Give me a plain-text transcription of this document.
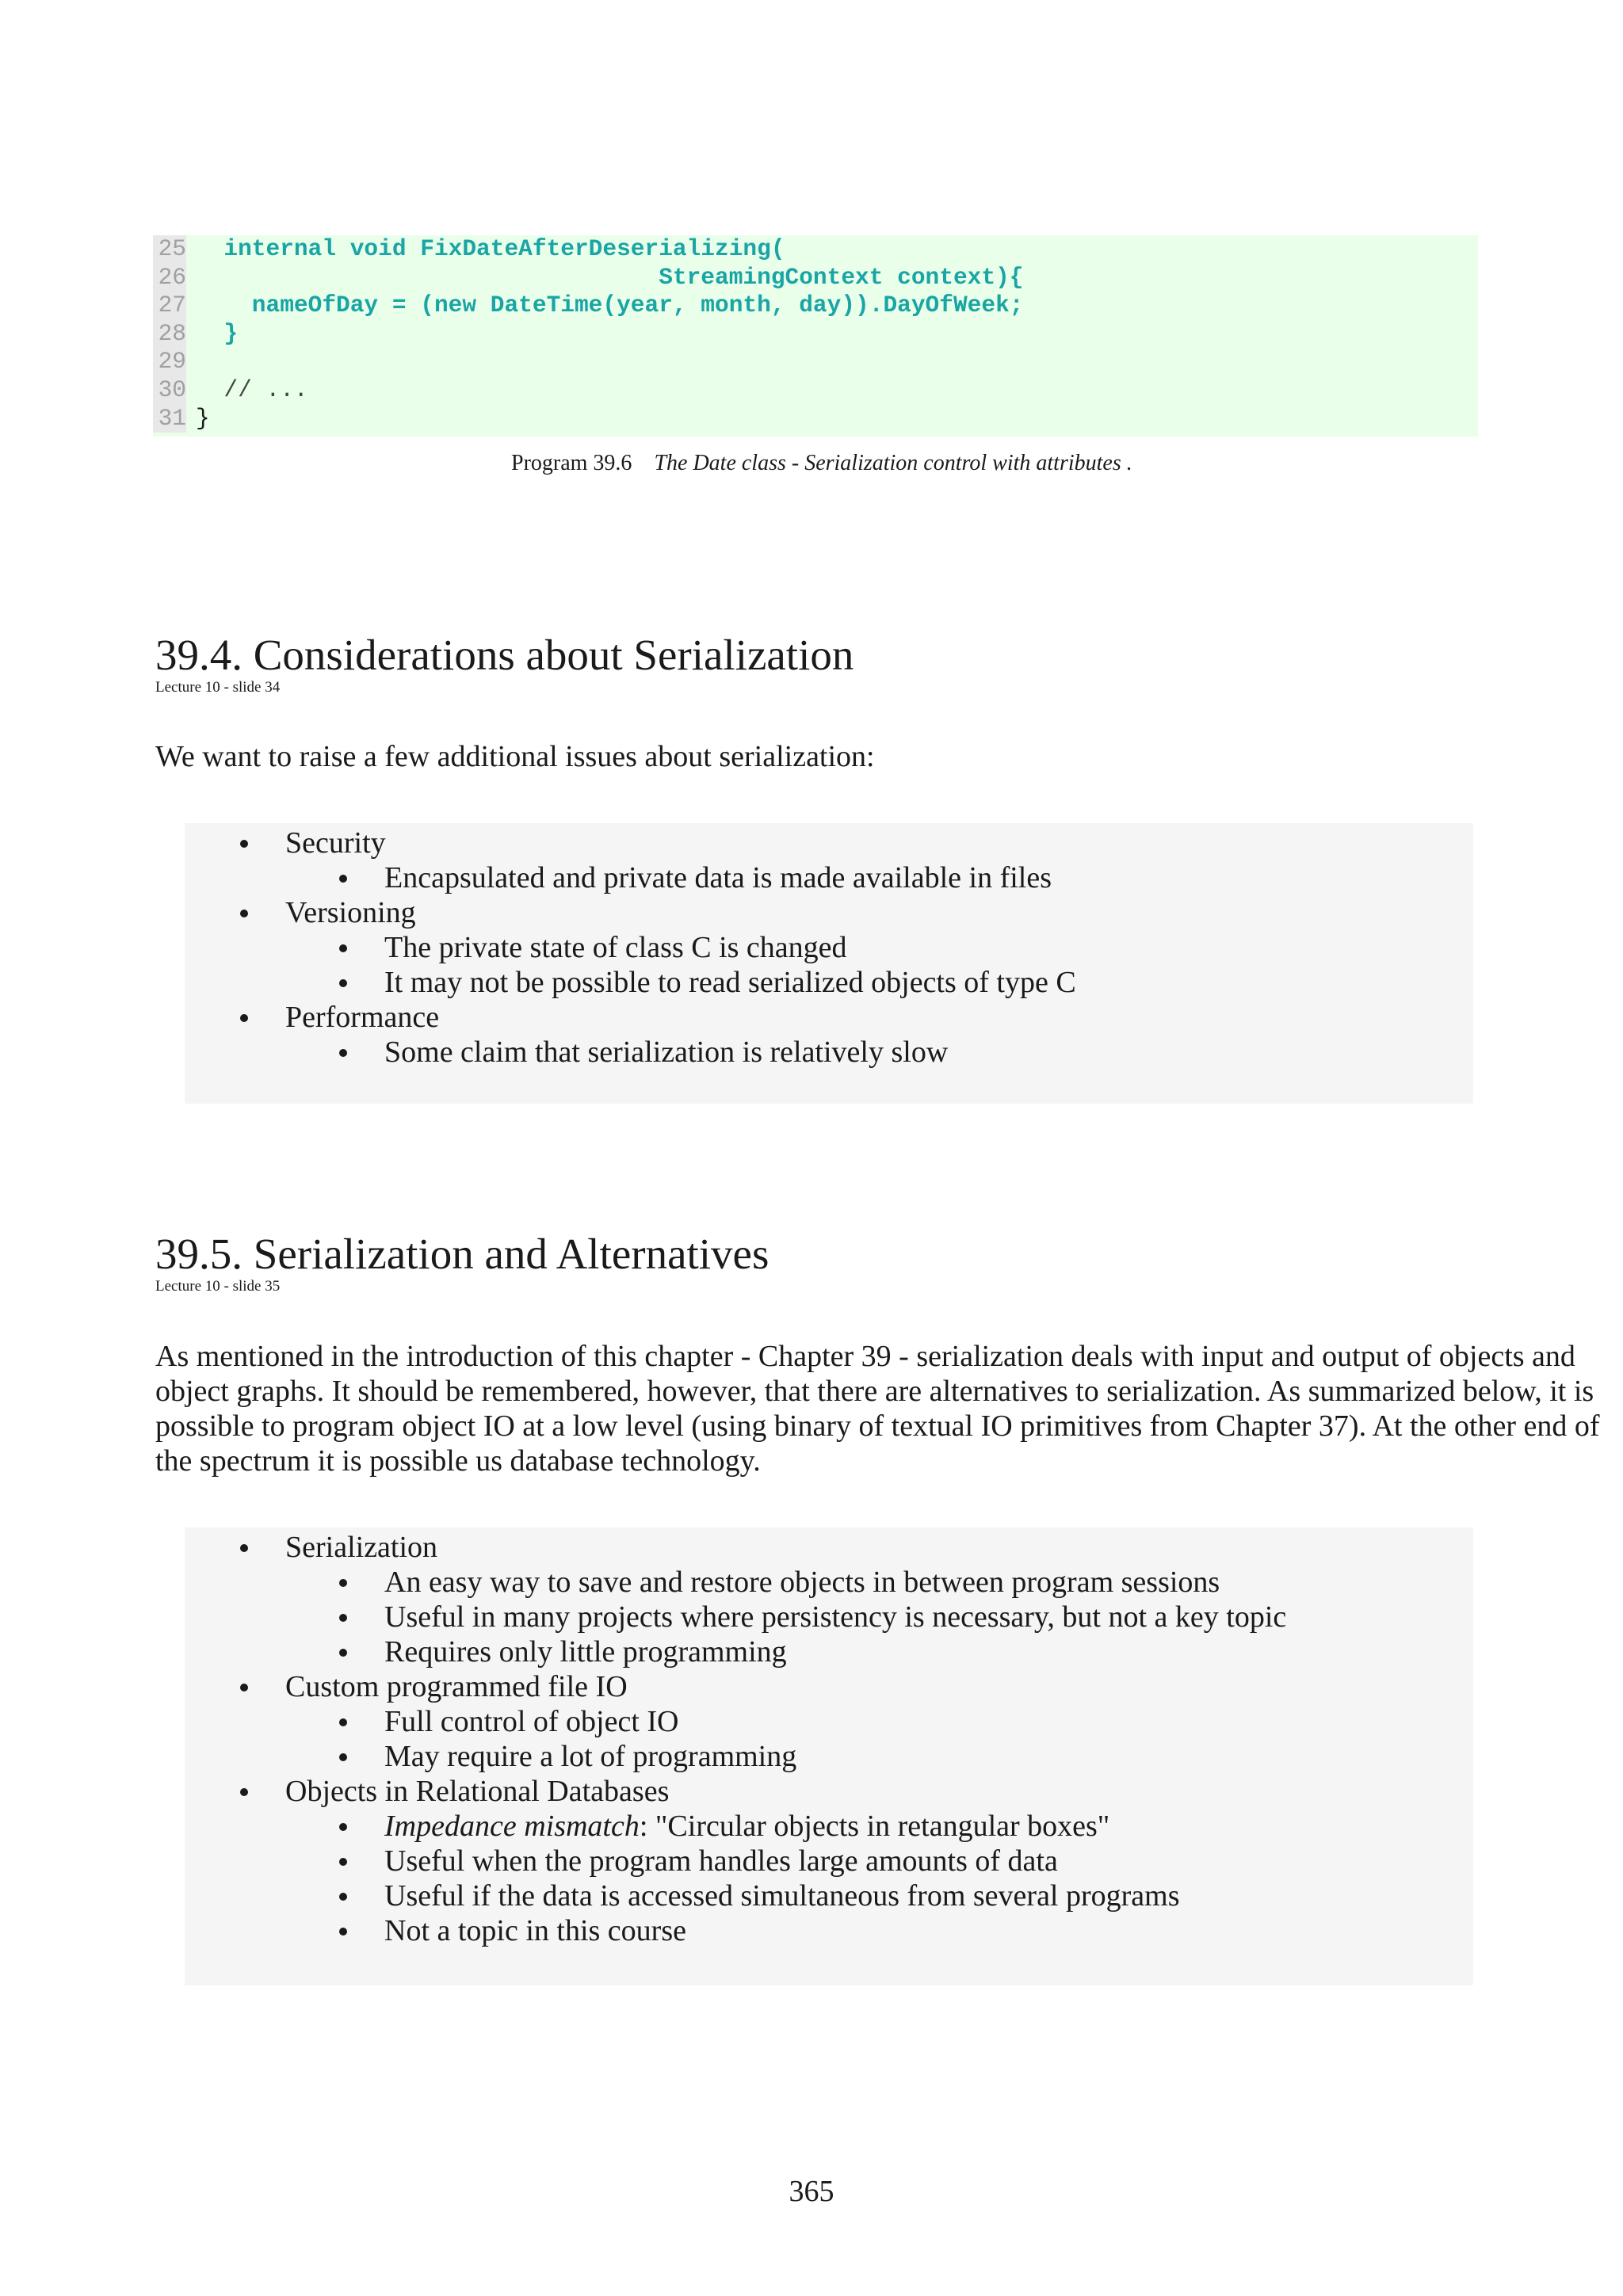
25 internal void FixDateAfterDeserializing(
26 StreamingContext context){
27 nameOfDay = (new DateTime(year, month, day)).DayOfWeek;
28 }
29
30 // ...
31 }
Program 39.6 The Date class - Serialization control with attributes .
39.4. Considerations about Serialization
Lecture 10 - slide 34
We want to raise a few additional issues about serialization:
Security
Encapsulated and private data is made available in files
Versioning
The private state of class C is changed
It may not be possible to read serialized objects of type C
Performance
Some claim that serialization is relatively slow
39.5. Serialization and Alternatives
Lecture 10 - slide 35
As mentioned in the introduction of this chapter - Chapter 39 - serialization deals with input and output of objects and object graphs. It should be remembered, however, that there are alternatives to serialization. As summarized below, it is possible to program object IO at a low level (using binary of textual IO primitives from Chapter 37). At the other end of the spectrum it is possible us database technology.
Serialization
An easy way to save and restore objects in between program sessions
Useful in many projects where persistency is necessary, but not a key topic
Requires only little programming
Custom programmed file IO
Full control of object IO
May require a lot of programming
Objects in Relational Databases
Impedance mismatch: "Circular objects in retangular boxes"
Useful when the program handles large amounts of data
Useful if the data is accessed simultaneous from several programs
Not a topic in this course
365
